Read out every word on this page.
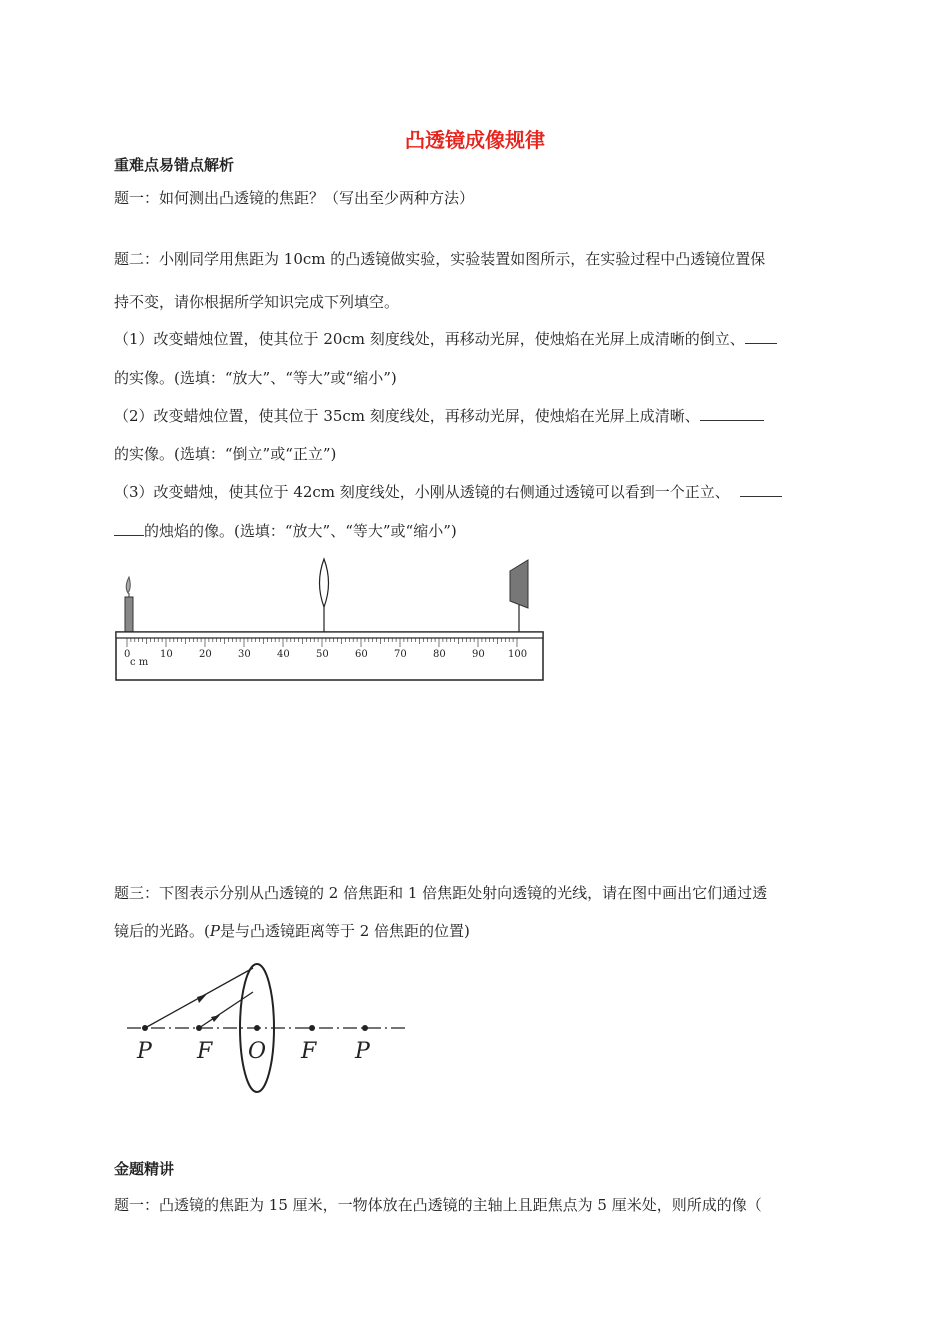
凸透镜成像规律
重难点易错点解析
题一：如何测出凸透镜的焦距？（写出至少两种方法）
题二：小刚同学用焦距为 10cm 的凸透镜做实验，实验装置如图所示，在实验过程中凸透镜位置保
持不变，请你根据所学知识完成下列填空。
（1）改变蜡烛位置，使其位于 20cm 刻度线处，再移动光屏，使烛焰在光屏上成清晰的倒立、
的实像。(选填：“放大”、“等大”或“缩小”)
（2）改变蜡烛位置，使其位于 35cm 刻度线处，再移动光屏，使烛焰在光屏上成清晰、
的实像。(选填：“倒立”或“正立”)
（3）改变蜡烛，使其位于 42cm 刻度线处，小刚从透镜的右侧通过透镜可以看到一个正立、
的烛焰的像。(选填：“放大”、“等大”或“缩小”)
0	10	20	30	40	50	60	70	80	90 100
c m
题三：下图表示分别从凸透镜的 2 倍焦距和 1 倍焦距处射向透镜的光线，请在图中画出它们通过透
镜后的光路。(P是与凸透镜距离等于 2 倍焦距的位置)
P F O F P
金题精讲
题一：凸透镜的焦距为 15 厘米，一物体放在凸透镜的主轴上且距焦点为 5 厘米处，则所成的像（
